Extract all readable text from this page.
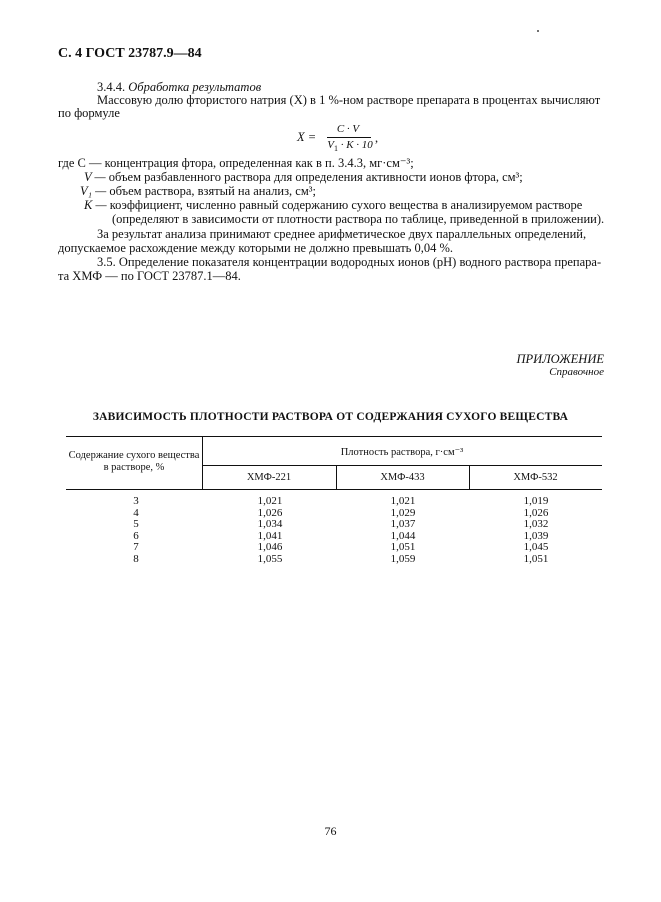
С. 4 ГОСТ 23787.9—84
3.4.4. Обработка результатов
Массовую долю фтористого натрия (X) в 1 %-ном растворе препарата в процентах вычисляют
по формуле
X =
C · V
$V_1 \cdot K \cdot 10$ ,
где C — концентрация фтора, определенная как в п. 3.4.3, мг·см⁻³;
V — объем разбавленного раствора для определения активности ионов фтора, см³;
V₁ — объем раствора, взятый на анализ, см³;
K — коэффициент, численно равный содержанию сухого вещества в анализируемом растворе
(определяют в зависимости от плотности раствора по таблице, приведенной в приложении).
За результат анализа принимают среднее арифметическое двух параллельных определений,
допускаемое расхождение между которыми не должно превышать 0,04 %.
3.5. Определение показателя концентрации водородных ионов (pH) водного раствора препара-
та ХМФ — по ГОСТ 23787.1—84.
ПРИЛОЖЕНИЕ
Справочное
ЗАВИСИМОСТЬ ПЛОТНОСТИ РАСТВОРА ОТ СОДЕРЖАНИЯ СУХОГО ВЕЩЕСТВА
Содержание сухого вещества
в растворе, %
Плотность раствора, г·см⁻³
ХМФ-221	ХМФ-433	ХМФ-532
3
4
5
6
7
8
1,021
1,026
1,034
1,041
1,046
1,055
1,021
1,029
1,037
1,044
1,051
1,059
1,019
1,026
1,032
1,039
1,045
1,051
76
